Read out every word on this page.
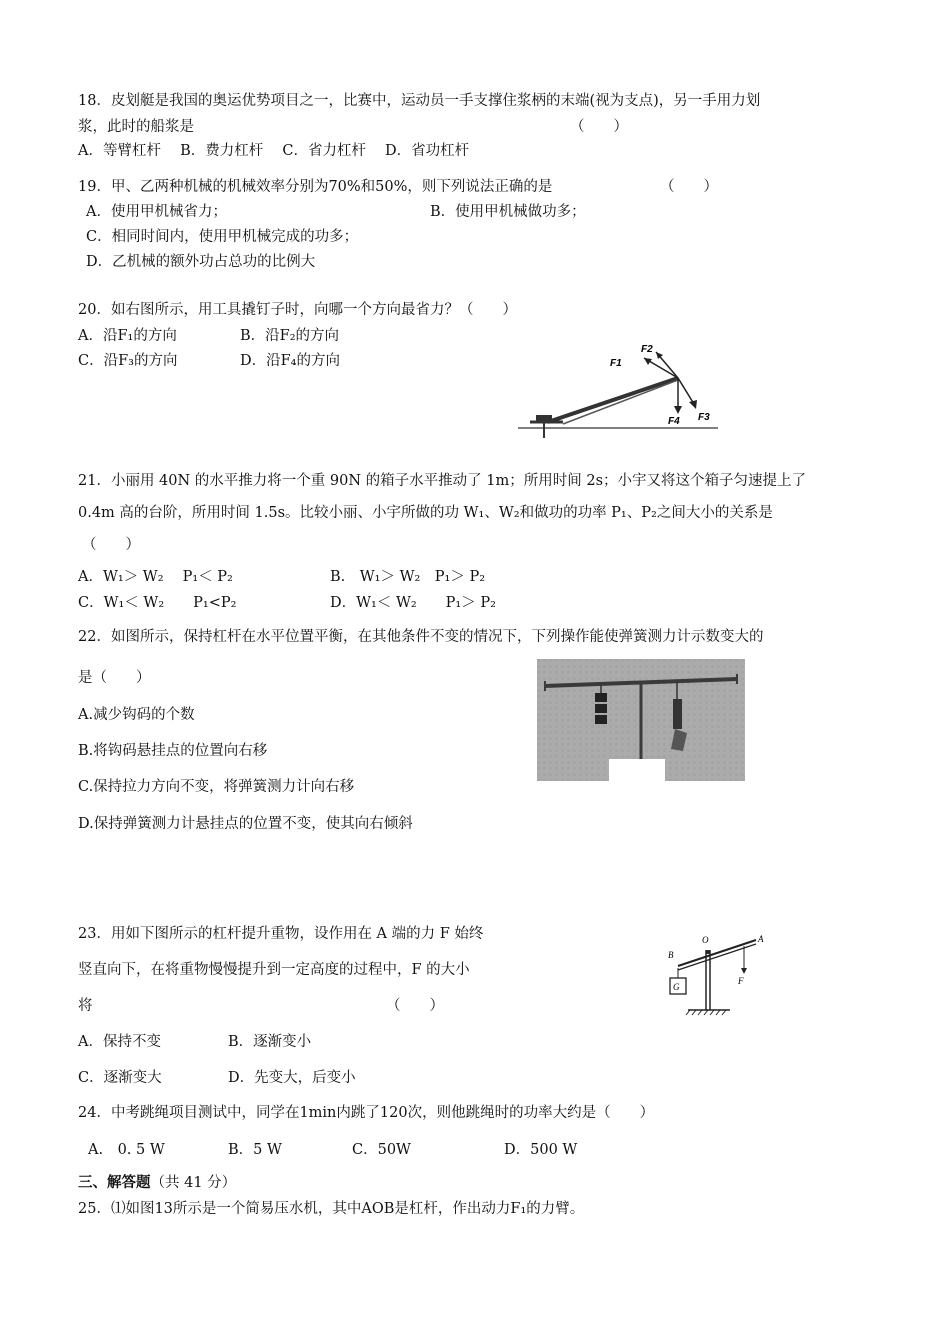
18．皮划艇是我国的奥运优势项目之一，比赛中，运动员一手支撑住浆柄的末端(视为支点)，另一手用力划

浆，此时的船浆是	（　　）

A．等臂杠杆　 B．费力杠杆　 C．省力杠杆　 D．省功杠杆

19．甲、乙两种机械的机械效率分别为70%和50%，则下列说法正确的是	（　　）

A．使用甲机械省力；	B．使用甲机械做功多；

C．相同时间内，使用甲机械完成的功多；

D．乙机械的额外功占总功的比例大

20．如右图所示，用工具撬钉子时，向哪一个方向最省力？（　　）

A．沿F₁的方向	B．沿F₂的方向

C．沿F₃的方向	D．沿F₄的方向

F2
F1
F4 F3

21．小丽用 40N 的水平推力将一个重 90N 的箱子水平推动了 1m；所用时间 2s；小宇又将这个箱子匀速提上了

0.4m 高的台阶，所用时间 1.5s。比较小丽、小宇所做的功 W₁、W₂和做功的功率 P₁、P₂之间大小的关系是

（　　）

A．W₁＞ W₂　 P₁＜ P₂	B.　W₁＞ W₂　P₁＞ P₂

C．W₁＜ W₂　　P₁<P₂	D．W₁＜ W₂　　P₁＞ P₂

22．如图所示，保持杠杆在水平位置平衡，在其他条件不变的情况下，下列操作能使弹簧测力计示数变大的

是（　　）

A.减少钩码的个数

B.将钩码悬挂点的位置向右移

C.保持拉力方向不变，将弹簧测力计向右移

D.保持弹簧测力计悬挂点的位置不变，使其向右倾斜

23．用如下图所示的杠杆提升重物，设作用在 A 端的力 F 始终

竖直向下，在将重物慢慢提升到一定高度的过程中，F 的大小

将	（　　）

A．保持不变	B．逐渐变小

C．逐渐变大	D．先变大，后变小

B
O	A
F
G

24．中考跳绳项目测试中，同学在1min内跳了120次，则他跳绳时的功率大约是（　　）

A.　0. 5 W	B．5 W	C．50W	D．500 W

三、解答题（共 41 分）

25．⑴如图13所示是一个简易压水机，其中AOB是杠杆，作出动力F₁的力臂。
